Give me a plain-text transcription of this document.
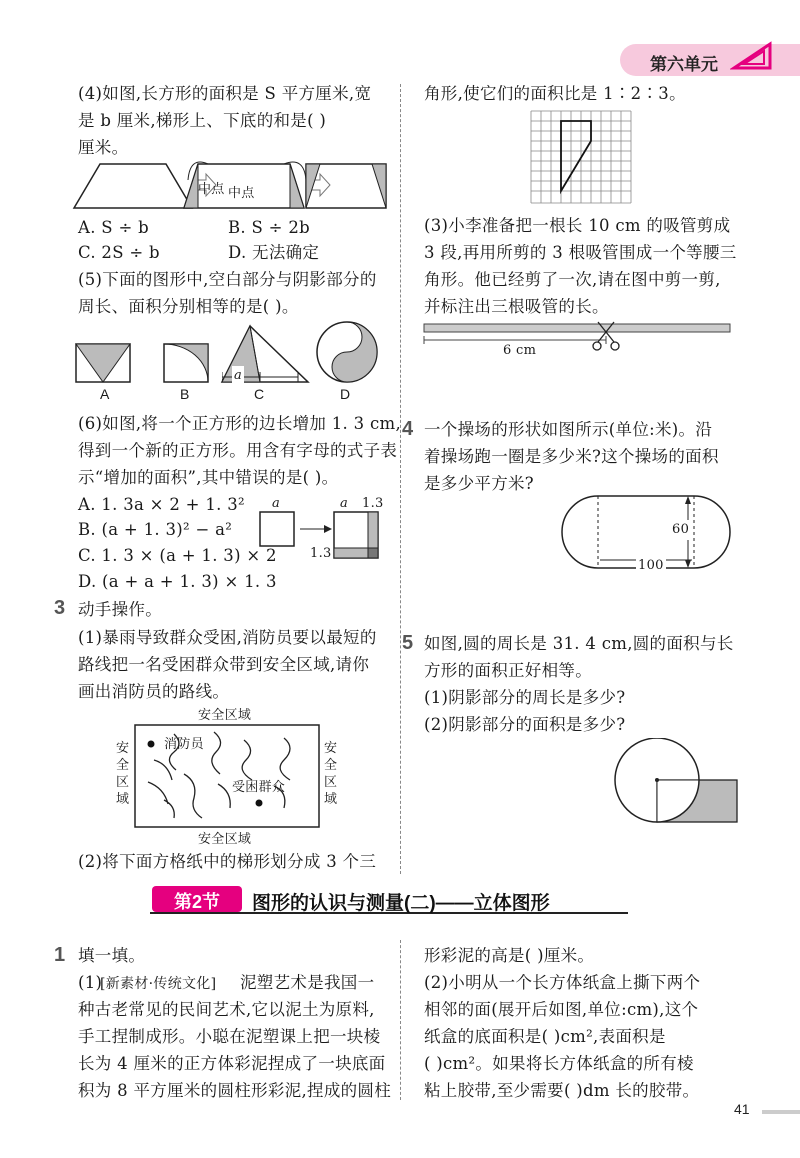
第六单元
(4)如图,长方形的面积是 S 平方厘米,宽
是 b 厘米,梯形上、下底的和是( )
厘米。
中点 中点
A. S ÷ b	B. S ÷ 2b
C. 2S ÷ b	D. 无法确定
(5)下面的图形中,空白部分与阴影部分的
周长、面积分别相等的是( )。
A	B	C	D
a
(6)如图,将一个正方形的边长增加 1. 3 cm,
得到一个新的正方形。用含有字母的式子表
示“增加的面积”,其中错误的是( )。
A. 1. 3a × 2 + 1. 3²
B. (a + 1. 3)² − a²
C. 1. 3 × (a + 1. 3) × 2
D. (a + a + 1. 3) × 1. 3
a	a 1.3
1.3
3 动手操作。
(1)暴雨导致群众受困,消防员要以最短的
路线把一名受困群众带到安全区域,请你
画出消防员的路线。
安全区域
安全区域
安全区域
安全区域
消防员
受困群众
(2)将下面方格纸中的梯形划分成 3 个三
角形,使它们的面积比是 1∶2∶3。
(3)小李准备把一根长 10 cm 的吸管剪成
3 段,再用所剪的 3 根吸管围成一个等腰三
角形。他已经剪了一次,请在图中剪一剪,
并标注出三根吸管的长。
6 cm
4 一个操场的形状如图所示(单位:米)。沿
着操场跑一圈是多少米?这个操场的面积
是多少平方米?
100
60
5 如图,圆的周长是 31. 4 cm,圆的面积与长
方形的面积正好相等。
(1)阴影部分的周长是多少?
(2)阴影部分的面积是多少?
第2节 图形的认识与测量(二)——立体图形
1 填一填。
(1)
[新素材·传统文化] 泥塑艺术是我国一
种古老常见的民间艺术,它以泥土为原料,
手工捏制成形。小聪在泥塑课上把一块棱
长为 4 厘米的正方体彩泥捏成了一块底面
积为 8 平方厘米的圆柱形彩泥,捏成的圆柱
形彩泥的高是( )厘米。
(2)小明从一个长方体纸盒上撕下两个
相邻的面(展开后如图,单位:cm),这个
纸盒的底面积是( )cm²,表面积是
( )cm²。如果将长方体纸盒的所有棱
粘上胶带,至少需要( )dm 长的胶带。
41
